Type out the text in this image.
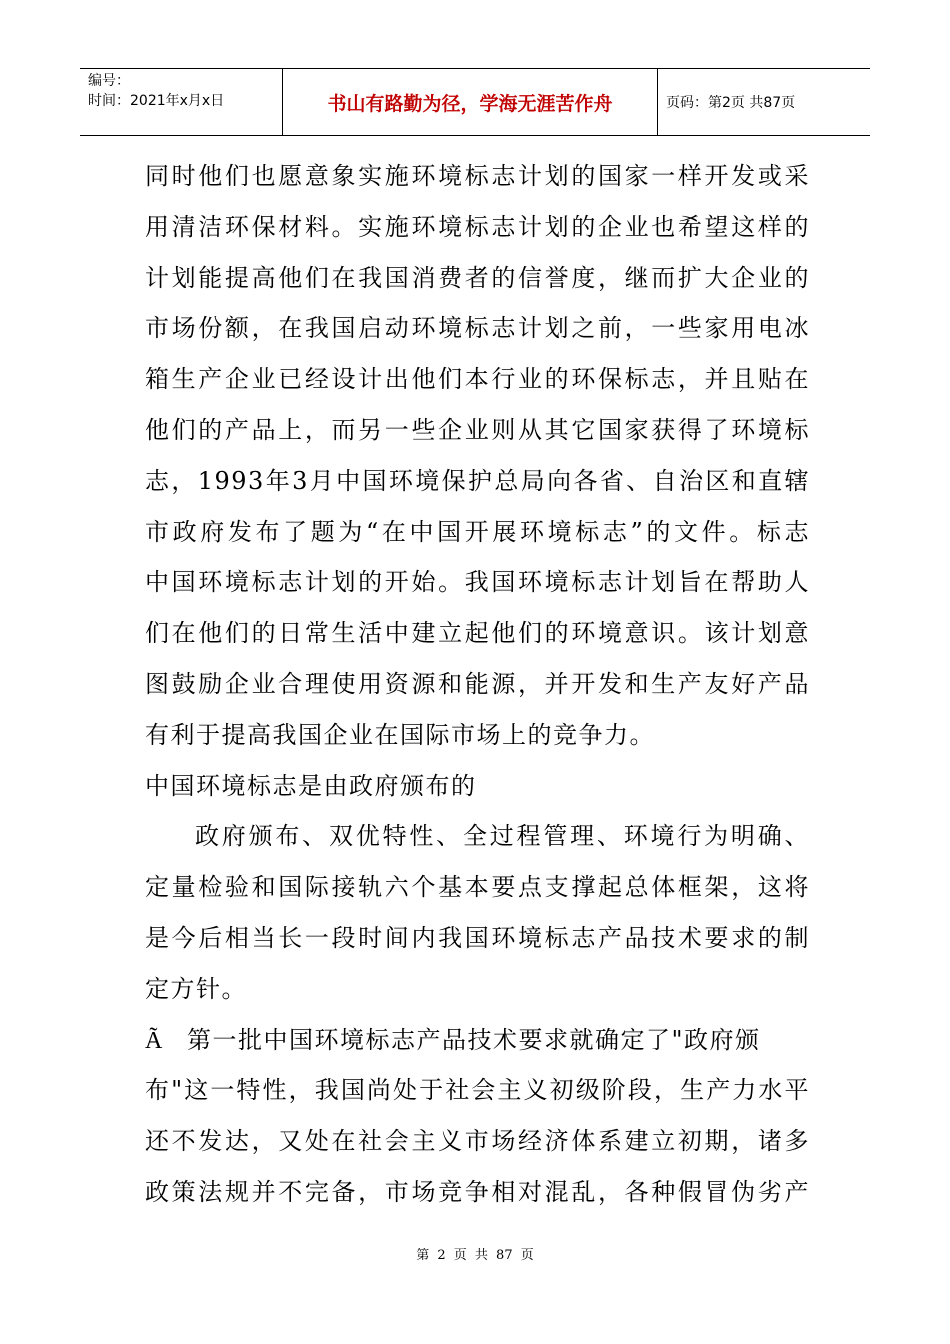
编号：
时间：2021年x月x日	书山有路勤为径，学海无涯苦作舟	页码：第2页 共87页
同时他们也愿意象实施环境标志计划的国家一样开发或采
用清洁环保材料。实施环境标志计划的企业也希望这样的
计划能提高他们在我国消费者的信誉度，继而扩大企业的
市场份额，在我国启动环境标志计划之前，一些家用电冰
箱生产企业已经设计出他们本行业的环保标志，并且贴在
他们的产品上，而另一些企业则从其它国家获得了环境标
志，1993年3月中国环境保护总局向各省、自治区和直辖
市政府发布了题为“在中国开展环境标志”的文件。标志
中国环境标志计划的开始。我国环境标志计划旨在帮助人
们在他们的日常生活中建立起他们的环境意识。该计划意
图鼓励企业合理使用资源和能源，并开发和生产友好产品
有利于提高我国企业在国际市场上的竞争力。
中国环境标志是由政府颁布的
政府颁布、双优特性、全过程管理、环境行为明确、
定量检验和国际接轨六个基本要点支撑起总体框架，这将
是今后相当长一段时间内我国环境标志产品技术要求的制
定方针。
Ã 第一批中国环境标志产品技术要求就确定了"政府颁
布"这一特性，我国尚处于社会主义初级阶段，生产力水平
还不发达，又处在社会主义市场经济体系建立初期，诸多
政策法规并不完备，市场竞争相对混乱，各种假冒伪劣产
第 2 页 共 87 页
